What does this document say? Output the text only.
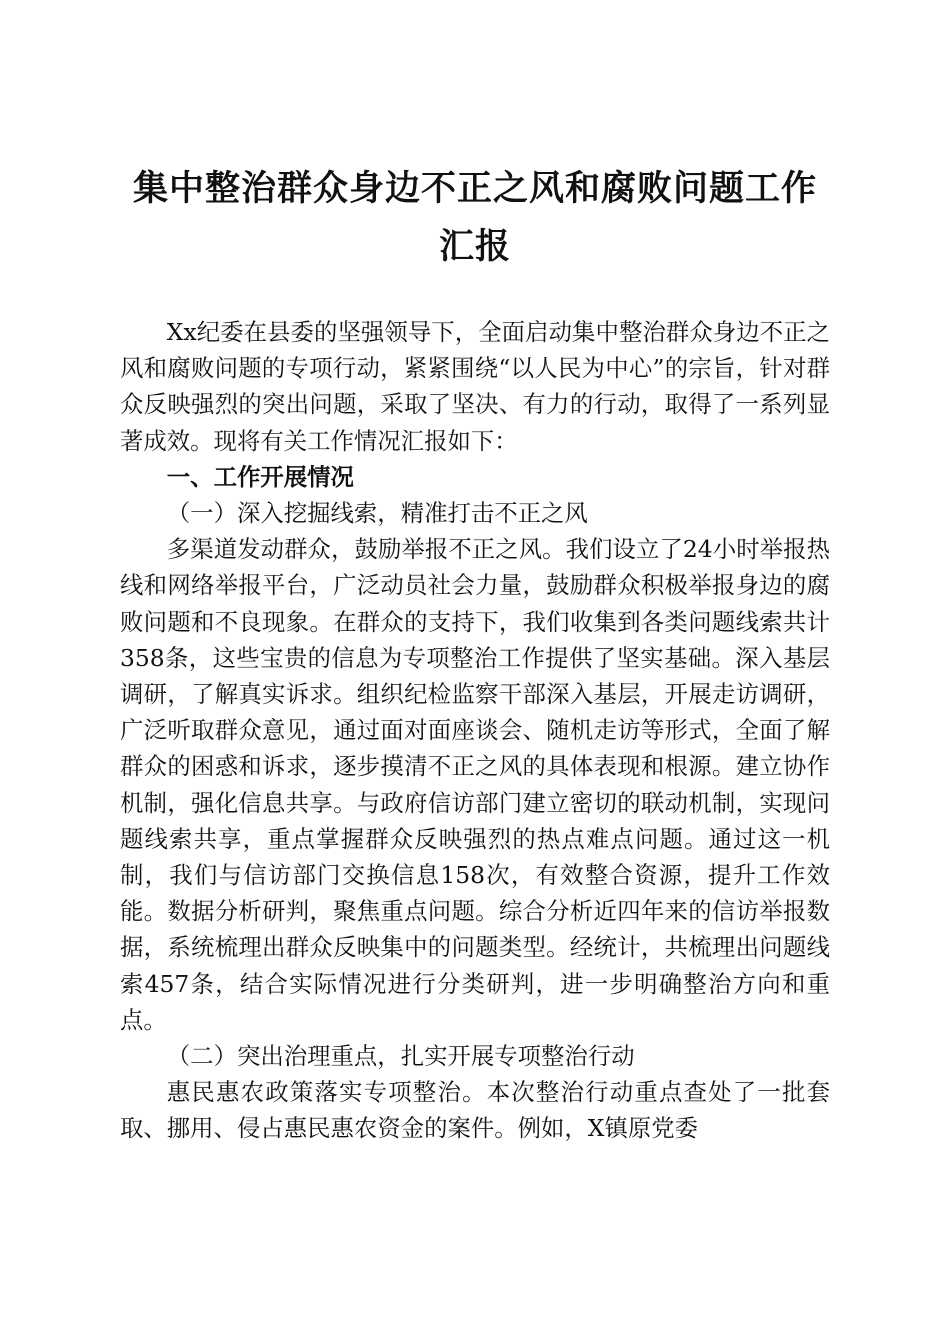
集中整治群众身边不正之风和腐败问题工作汇报

Xx纪委在县委的坚强领导下，全面启动集中整治群众身边不正之风和腐败问题的专项行动，紧紧围绕“以人民为中心”的宗旨，针对群众反映强烈的突出问题，采取了坚决、有力的行动，取得了一系列显著成效。现将有关工作情况汇报如下：

一、工作开展情况

（一）深入挖掘线索，精准打击不正之风

多渠道发动群众，鼓励举报不正之风。我们设立了24小时举报热线和网络举报平台，广泛动员社会力量，鼓励群众积极举报身边的腐败问题和不良现象。在群众的支持下，我们收集到各类问题线索共计358条，这些宝贵的信息为专项整治工作提供了坚实基础。深入基层调研，了解真实诉求。组织纪检监察干部深入基层，开展走访调研，广泛听取群众意见，通过面对面座谈会、随机走访等形式，全面了解群众的困惑和诉求，逐步摸清不正之风的具体表现和根源。建立协作机制，强化信息共享。与政府信访部门建立密切的联动机制，实现问题线索共享，重点掌握群众反映强烈的热点难点问题。通过这一机制，我们与信访部门交换信息158次，有效整合资源，提升工作效能。数据分析研判，聚焦重点问题。综合分析近四年来的信访举报数据，系统梳理出群众反映集中的问题类型。经统计，共梳理出问题线索457条，结合实际情况进行分类研判，进一步明确整治方向和重点。

（二）突出治理重点，扎实开展专项整治行动

惠民惠农政策落实专项整治。本次整治行动重点查处了一批套取、挪用、侵占惠民惠农资金的案件。例如，X镇原党委
